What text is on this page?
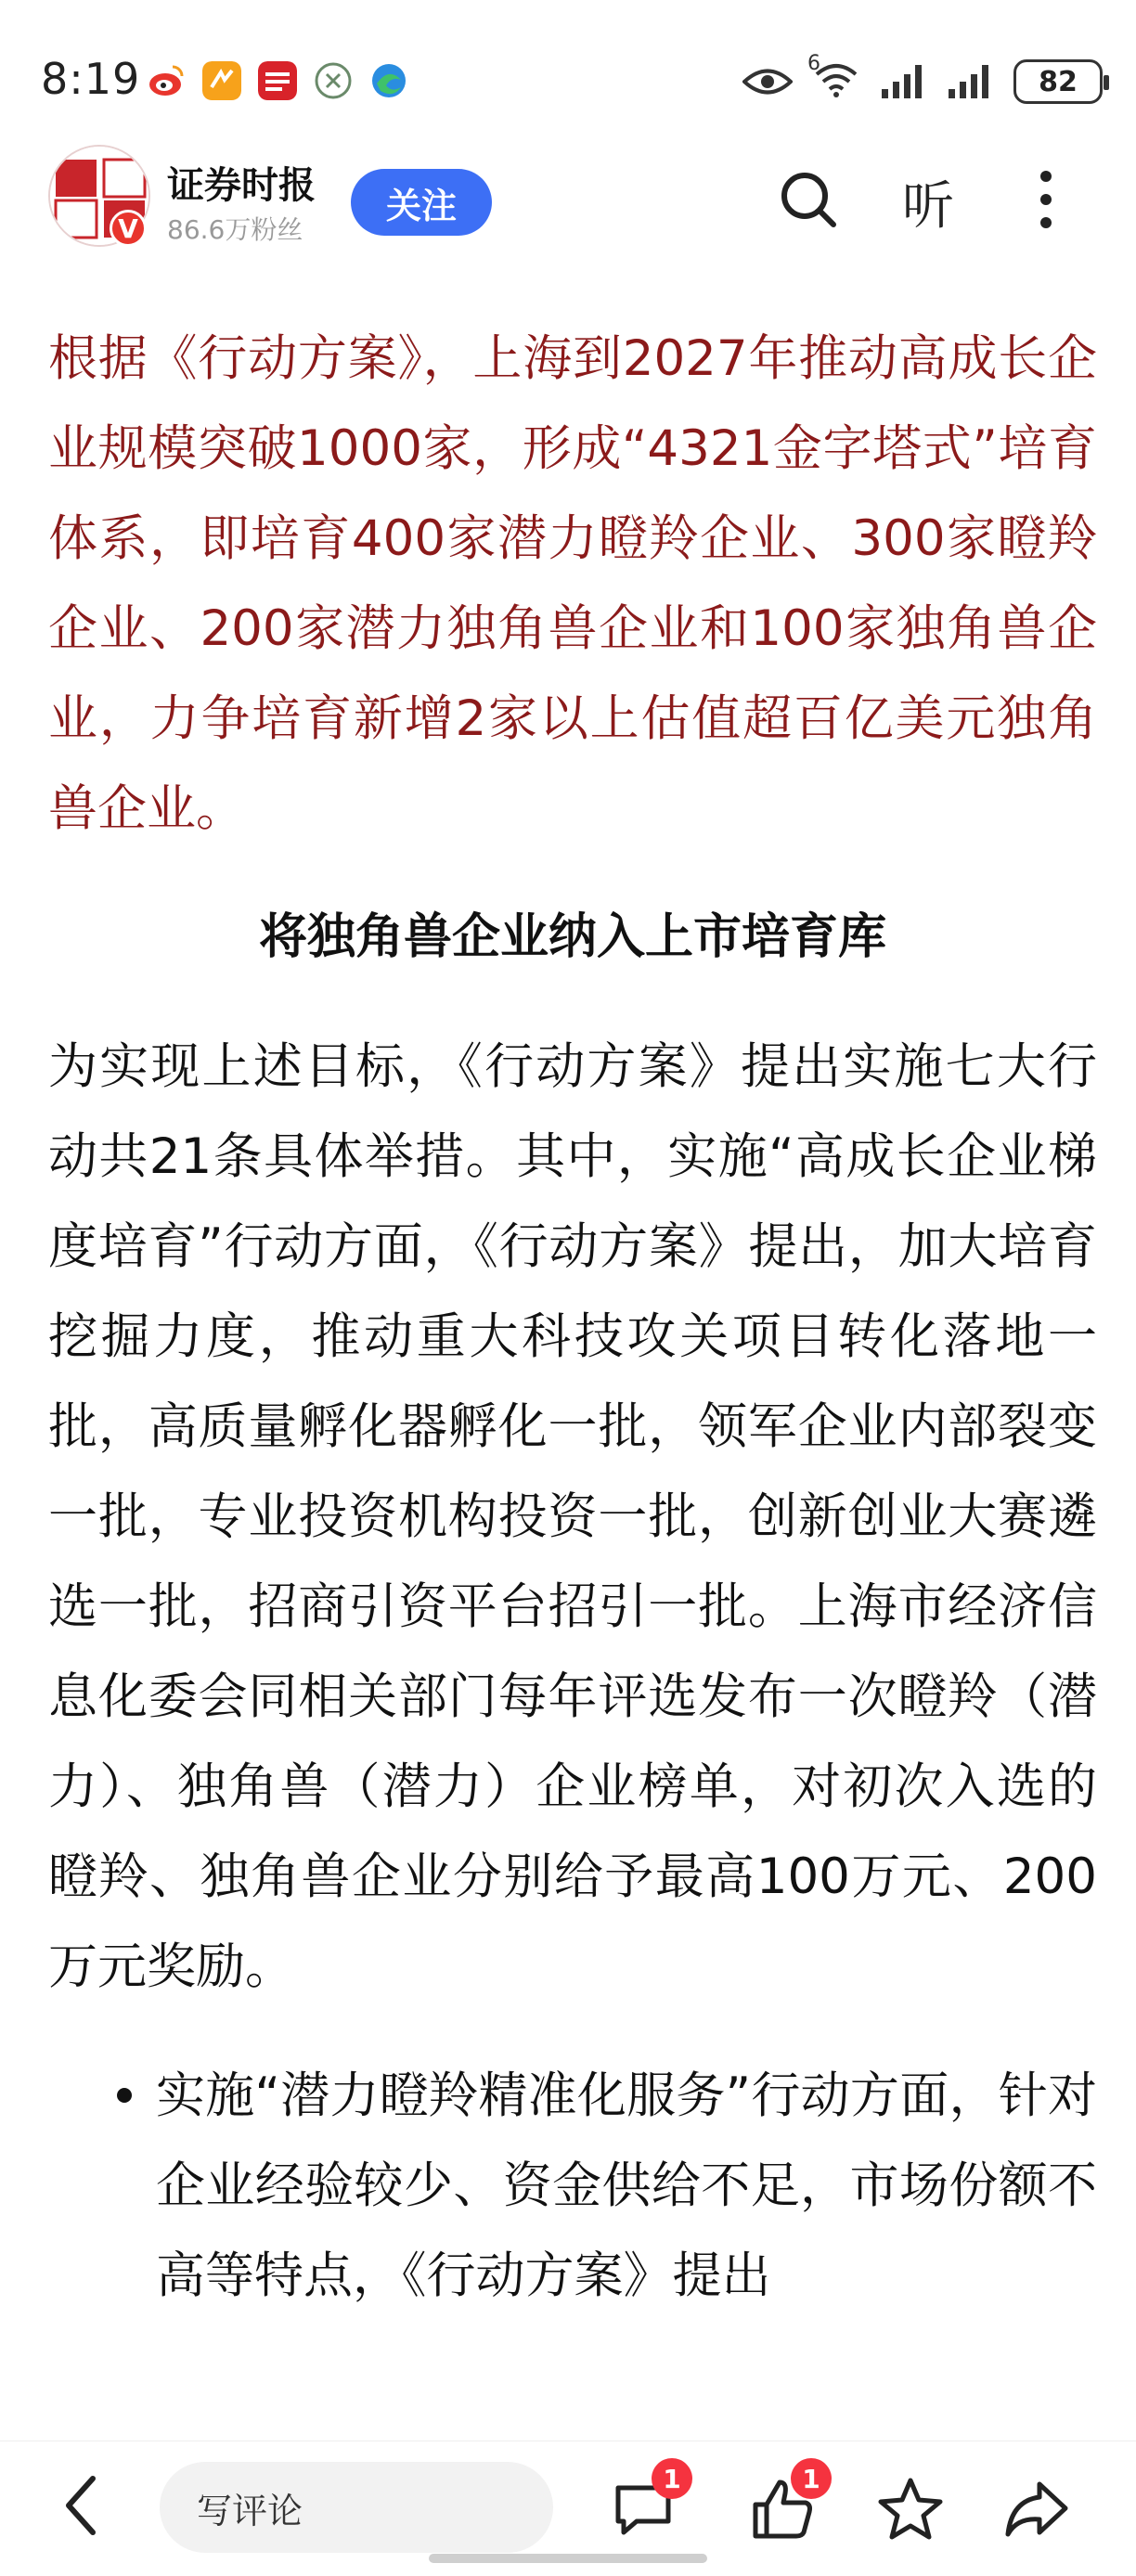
8:19	6
82
V
证券时报
86.6万粉丝
关注	听

根据《行动方案》，上海到2027年推动高成长企业规模突破1000家，形成“4321金字塔式”培育体系，即培育400家潜力瞪羚企业、300家瞪羚企业、200家潜力独角兽企业和100家独角兽企业，力争培育新增2家以上估值超百亿美元独角兽企业。

将独角兽企业纳入上市培育库

为实现上述目标，《行动方案》提出实施七大行动共21条具体举措。其中，实施“高成长企业梯度培育”行动方面，《行动方案》提出，加大培育挖掘力度，推动重大科技攻关项目转化落地一批，高质量孵化器孵化一批，领军企业内部裂变一批，专业投资机构投资一批，创新创业大赛遴选一批，招商引资平台招引一批。上海市经济信息化委会同相关部门每年评选发布一次瞪羚（潜力）、独角兽（潜力）企业榜单，对初次入选的瞪羚、独角兽企业分别给予最高100万元、200万元奖励。

实施“潜力瞪羚精准化服务”行动方面，针对企业经验较少、资金供给不足，市场份额不高等特点，《行动方案》提出
写评论
1	1
